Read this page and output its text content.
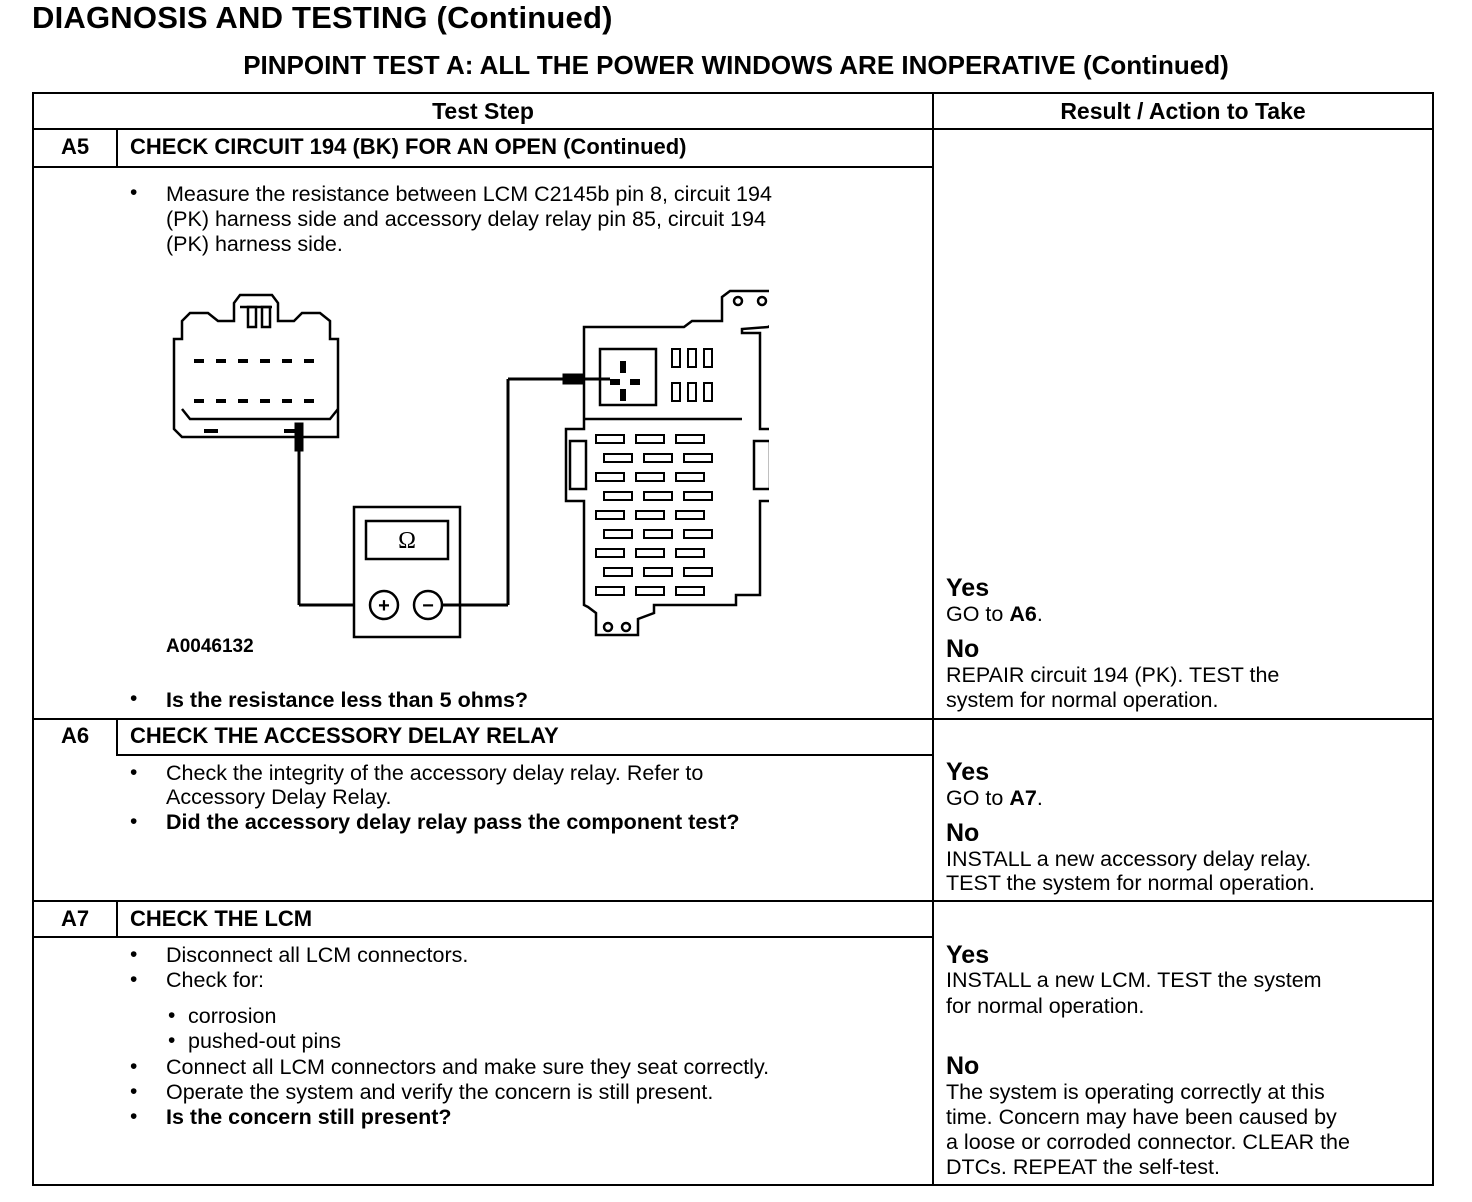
DIAGNOSIS AND TESTING (Continued)
PINPOINT TEST A: ALL THE POWER WINDOWS ARE INOPERATIVE (Continued)
Test Step	Result / Action to Take
A5	CHECK CIRCUIT 194 (BK) FOR AN OPEN (Continued)
• Measure the resistance between LCM C2145b pin 8, circuit 194
(PK) harness side and accessory delay relay pin 85, circuit 194
(PK) harness side.
Ω
+ −
A0046132
• Is the resistance less than 5 ohms?
Yes
GO to A6.
No
REPAIR circuit 194 (PK). TEST the
system for normal operation.
A6	CHECK THE ACCESSORY DELAY RELAY
• Check the integrity of the accessory delay relay. Refer to
Accessory Delay Relay.
• Did the accessory delay relay pass the component test?
Yes
GO to A7.
No
INSTALL a new accessory delay relay.
TEST the system for normal operation.
A7	CHECK THE LCM
• Disconnect all LCM connectors.
• Check for:
• corrosion
• pushed-out pins
• Connect all LCM connectors and make sure they seat correctly.
• Operate the system and verify the concern is still present.
• Is the concern still present?
Yes
INSTALL a new LCM. TEST the system
for normal operation.
No
The system is operating correctly at this
time. Concern may have been caused by
a loose or corroded connector. CLEAR the
DTCs. REPEAT the self-test.
